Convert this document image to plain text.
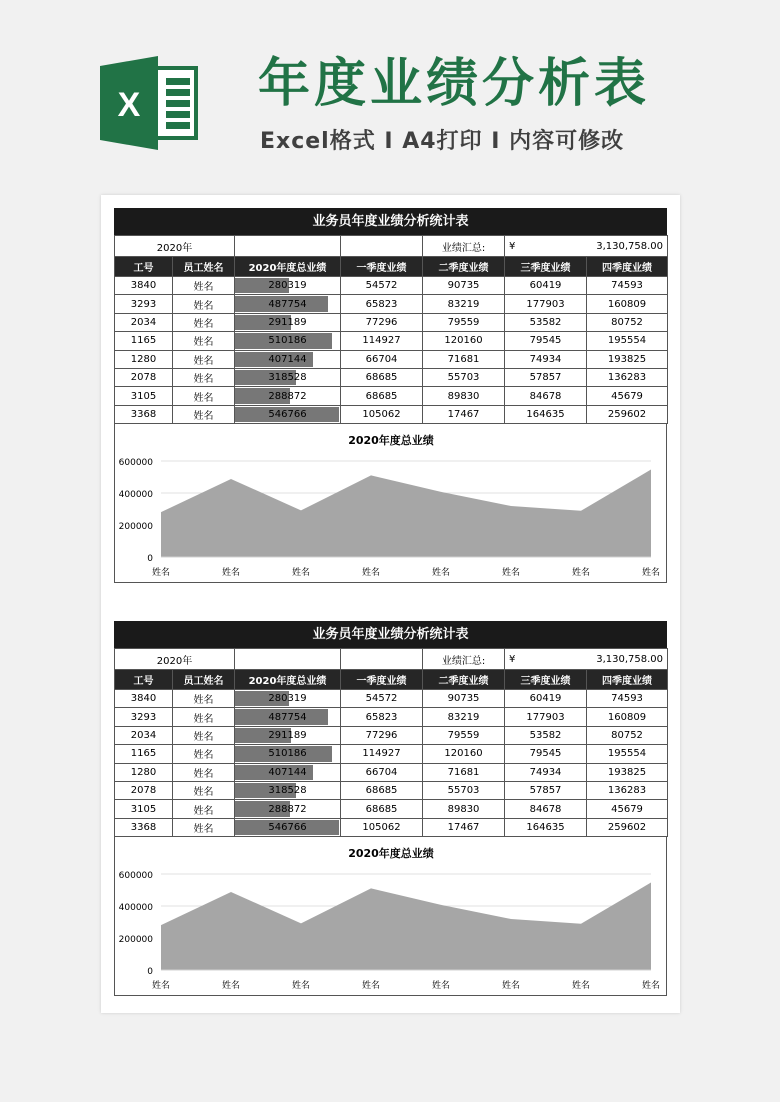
X 年度业绩分析表
Excel格式 I A4打印 I 内容可修改
业务员年度业绩分析统计表
2020年				业绩汇总:	¥ 3,130,758.00	

工号	员工姓名	2020年度总业绩	一季度业绩	二季度业绩	三季度业绩	四季度业绩
3840	姓名	280319	54572	90735	60419	74593
3293	姓名	487754	65823	83219	177903	160809
2034	姓名	291189	77296	79559	53582	80752
1165	姓名	510186	114927	120160	79545	195554
1280	姓名	407144	66704	71681	74934	193825
2078	姓名	318528	68685	55703	57857	136283
3105	姓名	288872	68685	89830	84678	45679
3368	姓名	546766	105062	17467	164635	259602
2020年度总业绩
0
200000
400000
600000
姓名	姓名	姓名	姓名	姓名	姓名	姓名	姓名
业务员年度业绩分析统计表
2020年				业绩汇总:	¥ 3,130,758.00	

工号	员工姓名	2020年度总业绩	一季度业绩	二季度业绩	三季度业绩	四季度业绩
3840	姓名	280319	54572	90735	60419	74593
3293	姓名	487754	65823	83219	177903	160809
2034	姓名	291189	77296	79559	53582	80752
1165	姓名	510186	114927	120160	79545	195554
1280	姓名	407144	66704	71681	74934	193825
2078	姓名	318528	68685	55703	57857	136283
3105	姓名	288872	68685	89830	84678	45679
3368	姓名	546766	105062	17467	164635	259602
2020年度总业绩
0
200000
400000
600000
姓名	姓名	姓名	姓名	姓名	姓名	姓名	姓名
